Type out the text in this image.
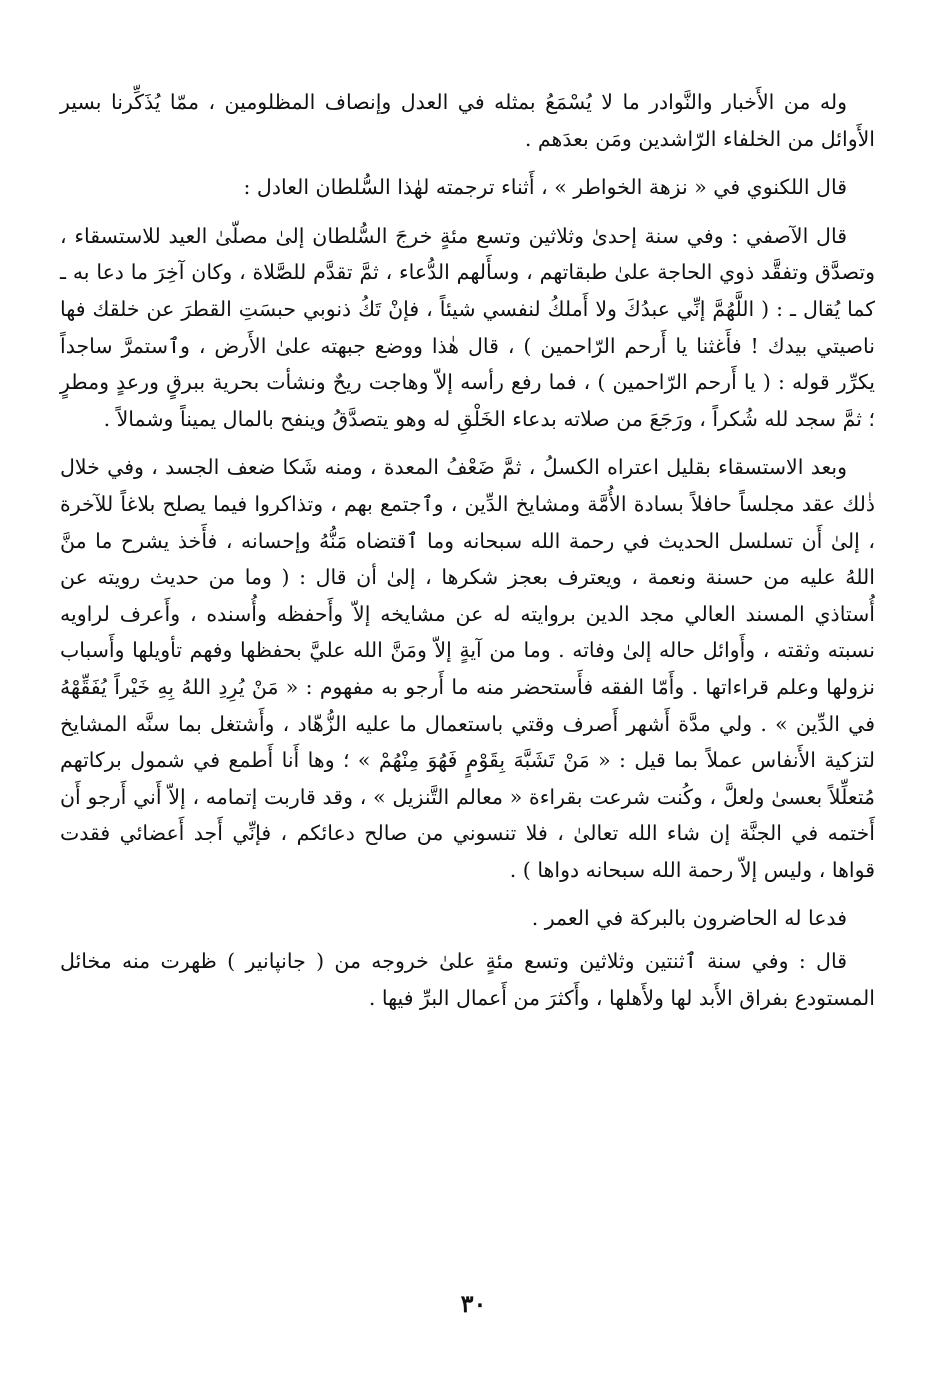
وله من الأَخبار والنَّوادر ما لا يُسْمَعُ بمثله في العدل وإنصاف المظلومين ، ممّا يُذَكِّرنا بسير الأَوائل من الخلفاء الرّاشدين ومَن بعدَهم .

قال اللكنوي في « نزهة الخواطر » ، أَثناء ترجمته لهٰذا السُّلطان العادل :

قال الآصفي : وفي سنة إحدىٰ وثلاثين وتسع مئةٍ خرجَ السُّلطان إلىٰ مصلّىٰ العيد للاستسقاء ، وتصدَّق وتفقَّد ذوي الحاجة علىٰ طبقاتهم ، وسأَلهم الدُّعاء ، ثمَّ تقدَّم للصَّلاة ، وكان آخِرَ ما دعا به ـ كما يُقال ـ : ( اللَّهُمَّ إنِّي عبدُكَ ولا أَملكُ لنفسي شيئاً ، فإنْ تَكُ ذنوبي حبسَتِ القطرَ عن خلقك فها ناصيتي بيدك ! فأَغثنا يا أَرحم الرّاحمين ) ، قال هٰذا ووضع جبهته علىٰ الأَرض ، وٱستمرَّ ساجداً يكرِّر قوله : ( يا أَرحم الرّاحمين ) ، فما رفع رأسه إلاّ وهاجت ريحٌ ونشأت بحرية ببرقٍ ورعدٍ ومطرٍ ؛ ثمَّ سجد لله شُكراً ، ورَجَعَ من صلاته بدعاء الخَلْقِ له وهو يتصدَّقُ وينفح بالمال يميناً وشمالاً .

وبعد الاستسقاء بقليل اعتراه الكسلُ ، ثمَّ ضَعْفُ المعدة ، ومنه شَكا ضعف الجسد ، وفي خلال ذٰلك عقد مجلساً حافلاً بسادة الأُمَّة ومشايخ الدِّين ، وٱجتمع بهم ، وتذاكروا فيما يصلح بلاغاً للآخرة ، إلىٰ أَن تسلسل الحديث في رحمة الله سبحانه وما ٱقتضاه مَنُّهُ وإحسانه ، فأَخذ يشرح ما منَّ اللهُ عليه من حسنة ونعمة ، ويعترف بعجز شكرها ، إلىٰ أن قال : ( وما من حديث رويته عن أُستاذي المسند العالي مجد الدين بروايته له عن مشايخه إلاّ وأَحفظه وأُسنده ، وأَعرف لراويه نسبته وثقته ، وأَوائل حاله إلىٰ وفاته . وما من آيةٍ إلاّ ومَنَّ الله عليَّ بحفظها وفهم تأويلها وأَسباب نزولها وعلم قراءاتها . وأَمّا الفقه فأَستحضر منه ما أَرجو به مفهوم : « مَنْ يُرِدِ اللهُ بِهِ خَيْراً يُفَقِّهْهُ في الدِّين » . ولي مدَّة أَشهر أَصرف وقتي باستعمال ما عليه الزُّهّاد ، وأَشتغل بما سنَّه المشايخ لتزكية الأَنفاس عملاً بما قيل : « مَنْ تَشَبَّهَ بِقَوْمٍ فَهُوَ مِنْهُمْ » ؛ وها أَنا أَطمع في شمول بركاتهم مُتعلِّلاً بعسىٰ ولعلَّ ، وكُنت شرعت بقراءة « معالم التَّنزيل » ، وقد قاربت إتمامه ، إلاّ أَني أَرجو أَن أَختمه في الجنَّة إن شاء الله تعالىٰ ، فلا تنسوني من صالح دعائكم ، فإنِّي أَجد أَعضائي فقدت قواها ، وليس إلاّ رحمة الله سبحانه دواها ) .

فدعا له الحاضرون بالبركة في العمر .

قال : وفي سنة ٱثنتين وثلاثين وتسع مئةٍ علىٰ خروجه من ( جانپانير ) ظهرت منه مخائل المستودع بفراق الأَبد لها ولأَهلها ، وأَكثرَ من أَعمال البرِّ فيها .

٣٠
